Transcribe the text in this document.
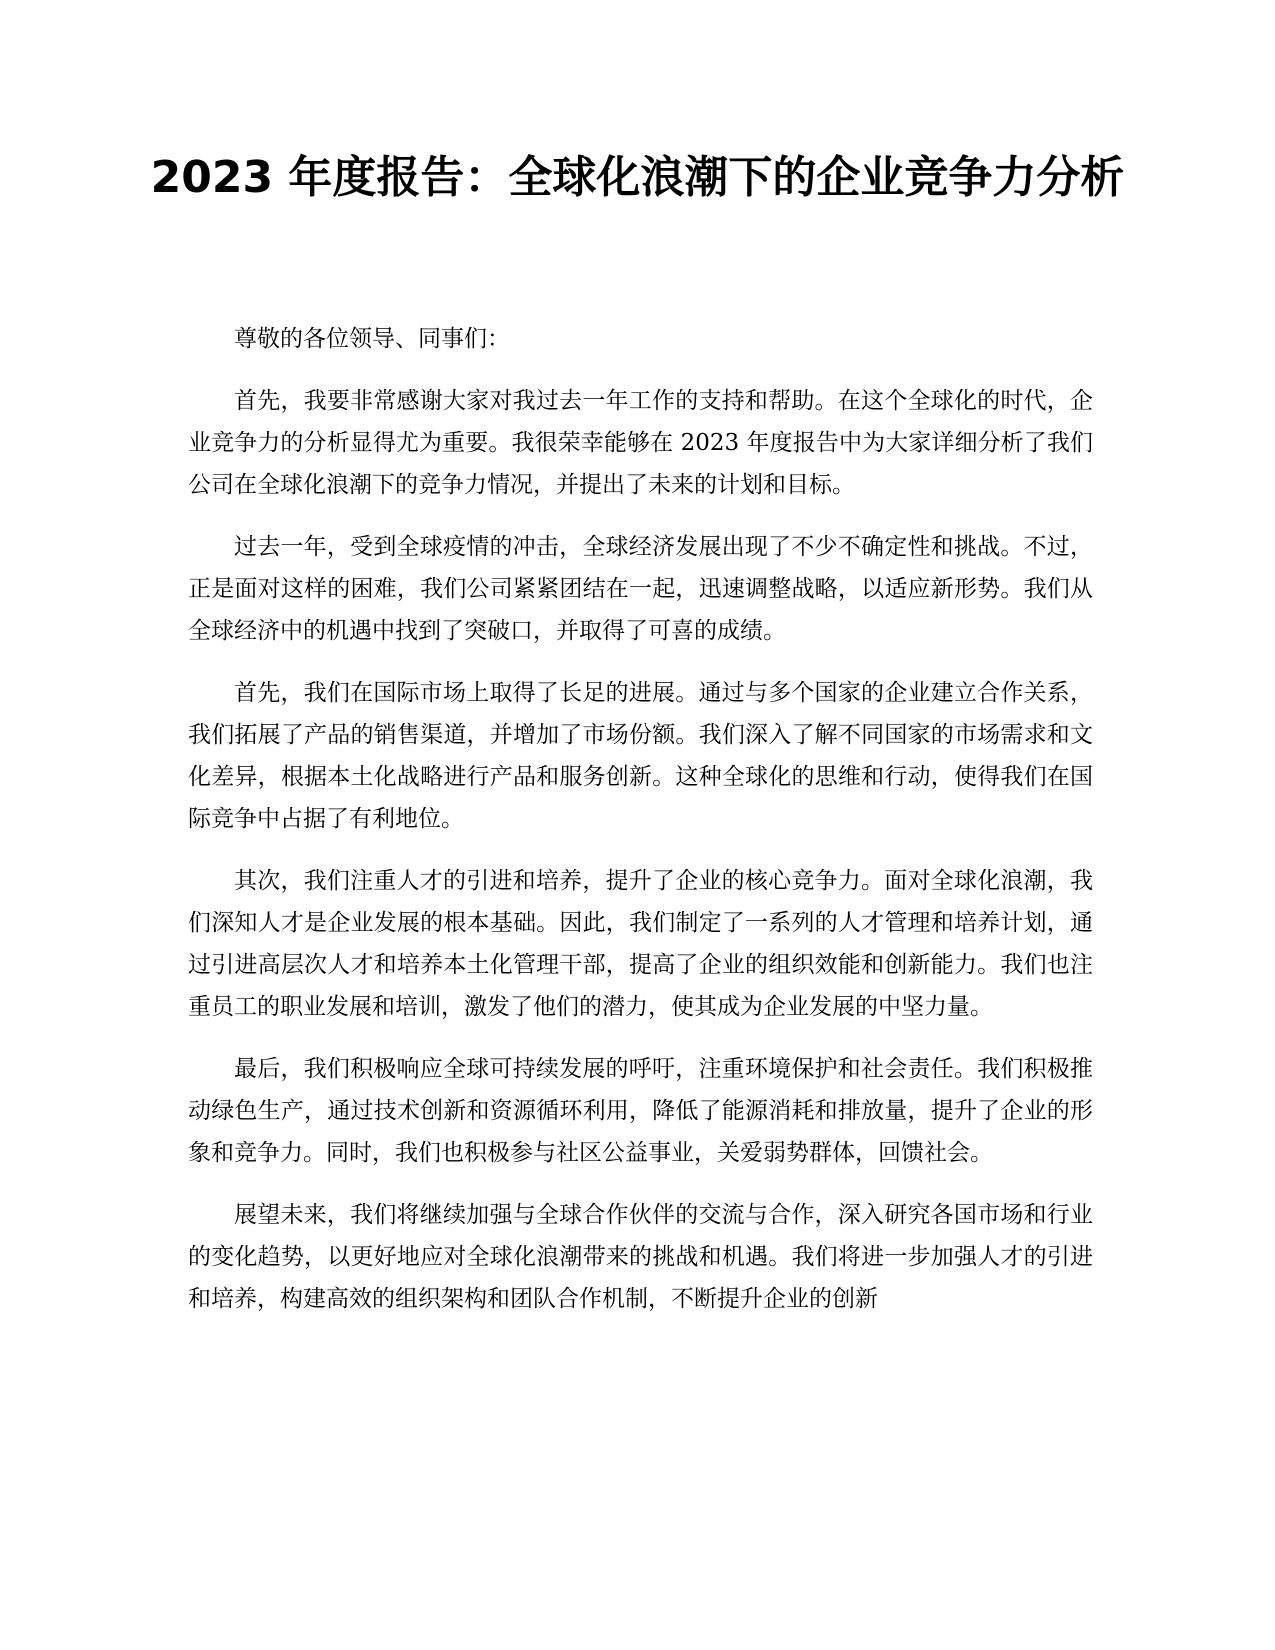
2023 年度报告：全球化浪潮下的企业竞争力分析

尊敬的各位领导、同事们：

首先，我要非常感谢大家对我过去一年工作的支持和帮助。在这个全球化的时代，企业竞争力的分析显得尤为重要。我很荣幸能够在 2023 年度报告中为大家详细分析了我们公司在全球化浪潮下的竞争力情况，并提出了未来的计划和目标。

过去一年，受到全球疫情的冲击，全球经济发展出现了不少不确定性和挑战。不过，正是面对这样的困难，我们公司紧紧团结在一起，迅速调整战略，以适应新形势。我们从全球经济中的机遇中找到了突破口，并取得了可喜的成绩。

首先，我们在国际市场上取得了长足的进展。通过与多个国家的企业建立合作关系，我们拓展了产品的销售渠道，并增加了市场份额。我们深入了解不同国家的市场需求和文化差异，根据本土化战略进行产品和服务创新。这种全球化的思维和行动，使得我们在国际竞争中占据了有利地位。

其次，我们注重人才的引进和培养，提升了企业的核心竞争力。面对全球化浪潮，我们深知人才是企业发展的根本基础。因此，我们制定了一系列的人才管理和培养计划，通过引进高层次人才和培养本土化管理干部，提高了企业的组织效能和创新能力。我们也注重员工的职业发展和培训，激发了他们的潜力，使其成为企业发展的中坚力量。

最后，我们积极响应全球可持续发展的呼吁，注重环境保护和社会责任。我们积极推动绿色生产，通过技术创新和资源循环利用，降低了能源消耗和排放量，提升了企业的形象和竞争力。同时，我们也积极参与社区公益事业，关爱弱势群体，回馈社会。

展望未来，我们将继续加强与全球合作伙伴的交流与合作，深入研究各国市场和行业的变化趋势，以更好地应对全球化浪潮带来的挑战和机遇。我们将进一步加强人才的引进和培养，构建高效的组织架构和团队合作机制，不断提升企业的创新
